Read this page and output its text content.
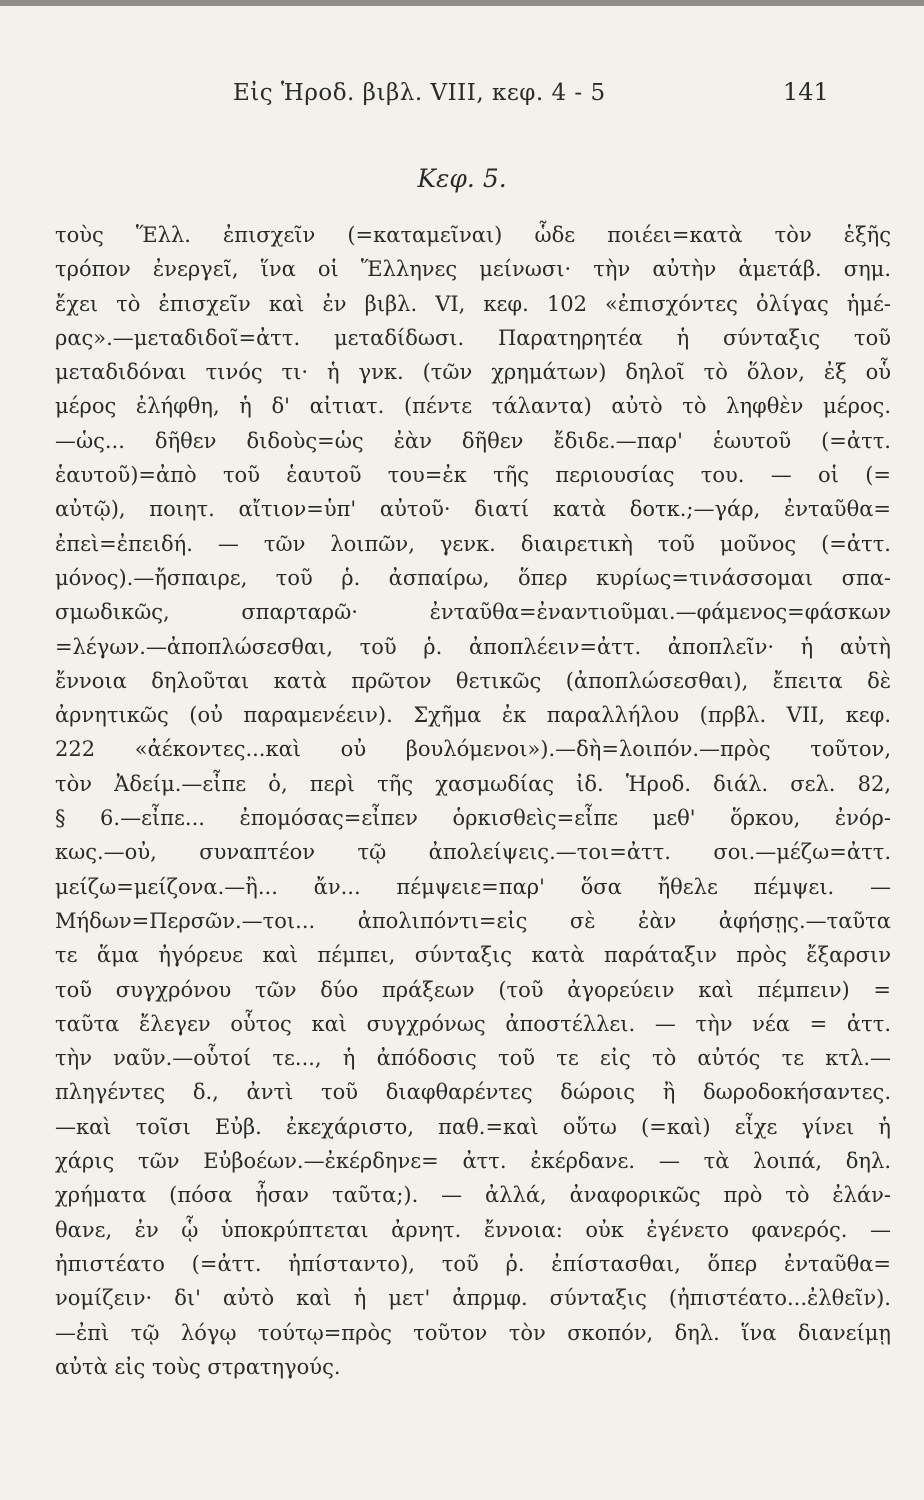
Εἰς Ἡροδ. βιβλ. VIII, κεφ. 4 - 5	141
Κεφ. 5.
τοὺς Ἕλλ. ἐπισχεῖν (=καταμεῖναι) ὧδε ποιέει=κατὰ τὸν ἑξῆς
τρόπον ἐνεργεῖ, ἵνα οἱ Ἕλληνες μείνωσι· τὴν αὐτὴν ἀμετάβ. σημ.
ἔχει τὸ ἐπισχεῖν καὶ ἐν βιβλ. VI, κεφ. 102 «ἐπισχόντες ὀλίγας ἡμέ-
ρας».—μεταδιδοῖ=ἀττ. μεταδίδωσι. Παρατηρητέα ἡ σύνταξις τοῦ
μεταδιδόναι τινός τι· ἡ γνκ. (τῶν χρημάτων) δηλοῖ τὸ ὅλον, ἐξ οὗ
μέρος ἐλήφθη, ἡ δ' αἰτιατ. (πέντε τάλαντα) αὐτὸ τὸ ληφθὲν μέρος.
—ὡς... δῆθεν διδοὺς=ὡς ἐὰν δῆθεν ἔδιδε.—παρ' ἑωυτοῦ (=ἀττ.
ἑαυτοῦ)=ἀπὸ τοῦ ἑαυτοῦ του=ἐκ τῆς περιουσίας του. — οἱ (=
αὐτῷ), ποιητ. αἴτιον=ὑπ' αὐτοῦ· διατί κατὰ δοτκ.;—γάρ, ἐνταῦθα=
ἐπεὶ=ἐπειδή. — τῶν λοιπῶν, γενκ. διαιρετικὴ τοῦ μοῦνος (=ἀττ.
μόνος).—ἤσπαιρε, τοῦ ῥ. ἀσπαίρω, ὅπερ κυρίως=τινάσσομαι σπα-
σμωδικῶς, σπαρταρῶ· ἐνταῦθα=ἐναντιοῦμαι.—φάμενος=φάσκων
=λέγων.—ἀποπλώσεσθαι, τοῦ ῥ. ἀποπλέειν=ἀττ. ἀποπλεῖν· ἡ αὐτὴ
ἔννοια δηλοῦται κατὰ πρῶτον θετικῶς (ἀποπλώσεσθαι), ἔπειτα δὲ
ἀρνητικῶς (οὐ παραμενέειν). Σχῆμα ἐκ παραλλήλου (πρβλ. VII, κεφ.
222 «ἀέκοντες...καὶ οὐ βουλόμενοι»).—δὴ=λοιπόν.—πρὸς τοῦτον,
τὸν Ἀδείμ.—εἶπε ὁ, περὶ τῆς χασμωδίας ἰδ. Ἡροδ. διάλ. σελ. 82,
§ 6.—εἶπε... ἐπομόσας=εἶπεν ὁρκισθεὶς=εἶπε μεθ' ὅρκου, ἐνόρ-
κως.—οὐ, συναπτέον τῷ ἀπολείψεις.—τοι=ἀττ. σοι.—μέζω=ἀττ.
μείζω=μείζονα.—ἢ... ἄν... πέμψειε=παρ' ὅσα ἤθελε πέμψει. —
Μήδων=Περσῶν.—τοι... ἀπολιπόντι=εἰς σὲ ἐὰν ἀφήσῃς.—ταῦτα
τε ἅμα ἠγόρευε καὶ πέμπει, σύνταξις κατὰ παράταξιν πρὸς ἔξαρσιν
τοῦ συγχρόνου τῶν δύο πράξεων (τοῦ ἀγορεύειν καὶ πέμπειν) =
ταῦτα ἔλεγεν οὗτος καὶ συγχρόνως ἀποστέλλει. — τὴν νέα = ἀττ.
τὴν ναῦν.—οὗτοί τε..., ἡ ἀπόδοσις τοῦ τε εἰς τὸ αὐτός τε κτλ.—
πληγέντες δ., ἀντὶ τοῦ διαφθαρέντες δώροις ἢ δωροδοκήσαντες.
—καὶ τοῖσι Εὐβ. ἐκεχάριστο, παθ.=καὶ οὕτω (=καὶ) εἶχε γίνει ἡ
χάρις τῶν Εὐβοέων.—ἐκέρδηνε= ἀττ. ἐκέρδανε. — τὰ λοιπά, δηλ.
χρήματα (πόσα ἦσαν ταῦτα;). — ἀλλά, ἀναφορικῶς πρὸ τὸ ἐλάν-
θανε, ἐν ᾧ ὑποκρύπτεται ἀρνητ. ἔννοια: οὐκ ἐγένετο φανερός. —
ἠπιστέατο (=ἀττ. ἠπίσταντο), τοῦ ῥ. ἐπίστασθαι, ὅπερ ἐνταῦθα=
νομίζειν· δι' αὐτὸ καὶ ἡ μετ' ἀπρμφ. σύνταξις (ἠπιστέατο...ἐλθεῖν).
—ἐπὶ τῷ λόγῳ τούτῳ=πρὸς τοῦτον τὸν σκοπόν, δηλ. ἵνα διανείμῃ
αὐτὰ εἰς τοὺς στρατηγούς.
